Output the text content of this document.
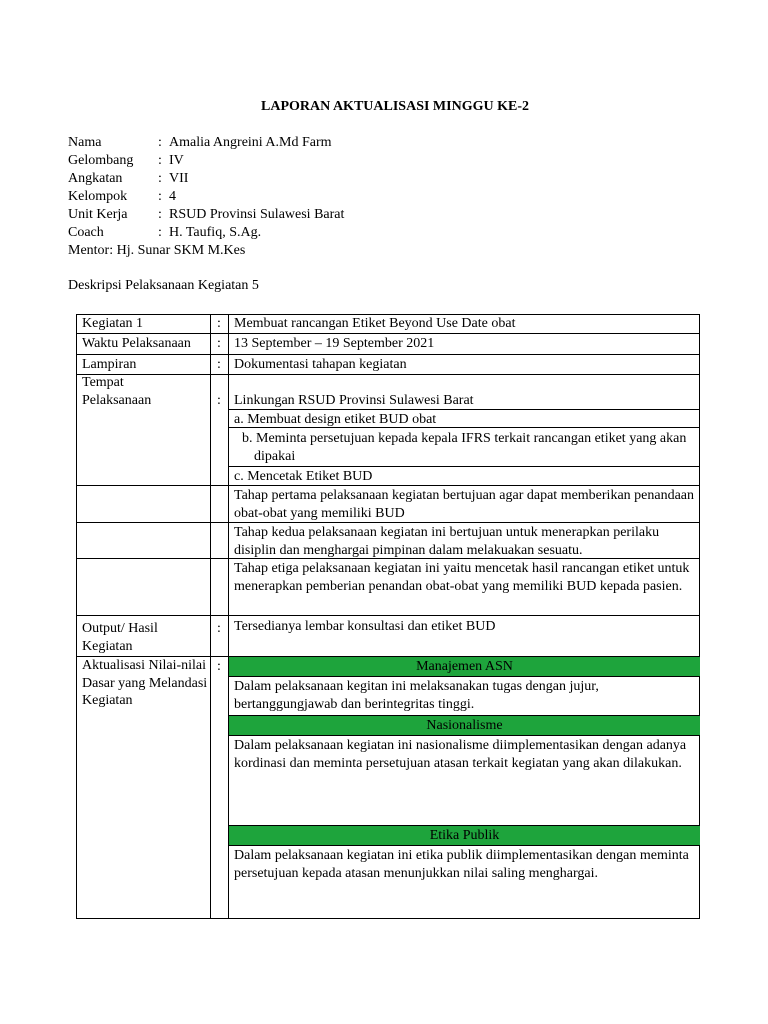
LAPORAN AKTUALISASI MINGGU KE-2
Nama	: Amalia Angreini A.Md Farm
Gelombang	: IV
Angkatan	: VII
Kelompok	: 4
Unit Kerja	: RSUD Provinsi Sulawesi Barat
Coach	: H. Taufiq, S.Ag.
Mentor: Hj. Sunar SKM M.Kes
Deskripsi Pelaksanaan Kegiatan 5
Kegiatan 1	: Membuat rancangan Etiket Beyond Use Date obat
Waktu Pelaksanaan	: 13 September – 19 September 2021
Lampiran	: Dokumentasi tahapan kegiatan
Tempat
Pelaksanaan	: Linkungan RSUD Provinsi Sulawesi Barat
a. Membuat design etiket BUD obat
b. Meminta persetujuan kepada kepala IFRS terkait rancangan etiket yang akan dipakai
c. Mencetak Etiket BUD
Tahap pertama pelaksanaan kegiatan bertujuan agar dapat memberikan penandaan obat-obat yang memiliki BUD
Tahap kedua pelaksanaan kegiatan ini bertujuan untuk menerapkan perilaku disiplin dan menghargai pimpinan dalam melakuakan sesuatu.
Tahap etiga pelaksanaan kegiatan ini yaitu mencetak hasil rancangan etiket untuk menerapkan pemberian penandan obat-obat yang memiliki BUD kepada pasien.
Output/ Hasil Kegiatan
: Tersedianya lembar konsultasi dan etiket BUD
Aktualisasi Nilai-nilai Dasar yang Melandasi Kegiatan
:	Manajemen ASN
Dalam pelaksanaan kegitan ini melaksanakan tugas dengan jujur, bertanggungjawab dan berintegritas tinggi.
Nasionalisme
Dalam pelaksanaan kegiatan ini nasionalisme diimplementasikan dengan adanya kordinasi dan meminta persetujuan atasan terkait kegiatan yang akan dilakukan.
Etika Publik
Dalam pelaksanaan kegiatan ini etika publik diimplementasikan dengan meminta persetujuan kepada atasan menunjukkan nilai saling menghargai.
